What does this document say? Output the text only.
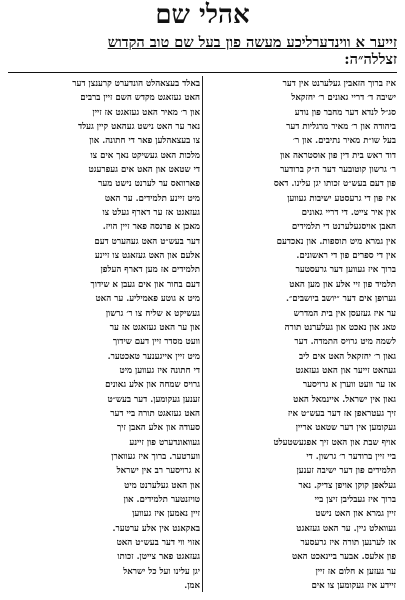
אהלי שם
זייער א ווינדערליכע מעשה פון בעל שם טוב הקדוש
זצללה״ה:
איז ברוך הזאבין געלערנט אין דער
ישיבה ד׳ דריי גאונים ר׳ יחזקאל
סג״ל לנדא דער מחבר פון נודע
ביהודה און ר׳ מאיר מרגליות דער
בעל שו״ת מאיר נתיבים. און ר׳
דוד ראש בית דין פון אוסטראה און
ר׳ גרשון קוטובער דער ה״ק ברודער
פון דעם בעש״ט זכותו יגן עלינו. דאס
איז פון די גרעסטע ישיבות געווען
אין איר צייט. די דריי גאונים
האבן אויסגעלערנט די תלמידים
אין גמרא מיט תוספות. און נאכדעם
אין די ספרים פון די ראשונים.
ברוך איז געווען דער גרעסטער
תלמיד פון זיי אלע און מען האט
גערופן אים דער ״יושב ביושבים״.
ער איז געזעסן אין בית המדרש
טאג און נאכט און געלערנט תורה
לשמה מיט גרויס התמדה. דער
גאון ר׳ יחזקאל האט אים ליב
געהאט זייער און האט געזאגט
אז ער וועט ווערן א גרויסער
גאון אין ישראל. איינמאל האט
זיך געטראפן אז דער בעש״ט איז
געקומען אין דער שטאט אריין
אויף שבת און האט זיך אפגעשטעלט
ביי זיין ברודער ר׳ גרשון. די
תלמידים פון דער ישיבה זענען
געלאפן קוקן אויפן צדיק. נאר
ברוך איז געבליבן זיצן ביי
זיין גמרא און האט נישט
געוואלט גיין. ער האט געזאגט
אז לערנען תורה איז גרעסער
פון אלעס. אבער ביינאכט האט
ער געזען א חלום אז זיין
זיידע איז געקומען צו אים
באלד בעצאהלט הונדערט קרענצן דער
האט געזאגט מקדש השם זיין ברבים
און ר׳ מאיר האט געזאגט אז זיין
נאר ער האט נישט געהאט קיין געלד
צו בעצאהלען פאר די חתונה. און
מלכות האט געשיקט נאך אים צו
די שטאט און האט אים געפרעגט
פארוואס ער לערנט נישט מער
מיט זיינע תלמידים. ער האט
געזאגט אז ער דארף געלט צו
מאכן א פרנסה פאר זיין הויז.
דער בעש״ט האט געהערט דעם
אלעם און האט געזאגט צו זיינע
תלמידים אז מען דארף העלפן
דעם בחור און אים געבן א שידוך
מיט א גוטע פאמיליע. ער האט
געשיקט א שליח צו ר׳ גרשון
און ער האט געזאגט אז ער
וועט מסדר זיין דעם שידוך
מיט זיין אייגענער טאכטער.
די חתונה איז געווען מיט
גרויס שמחה און אלע גאונים
זענען געקומען. דער בעש״ט
האט געזאגט תורה ביי דער
סעודה און אלע האבן זיך
געוואונדערט פון זיינע
ווערטער. ברוך איז געווארן
א גרויסער רב אין ישראל
און האט געלערנט מיט
טויזנטער תלמידים. און
זיין נאמען איז געווען
באקאנט אין אלע ערטער.
אזוי ווי דער בעש״ט האט
געזאגט פאר צייטן. זכותו
יגן עלינו ועל כל ישראל
אמן.
